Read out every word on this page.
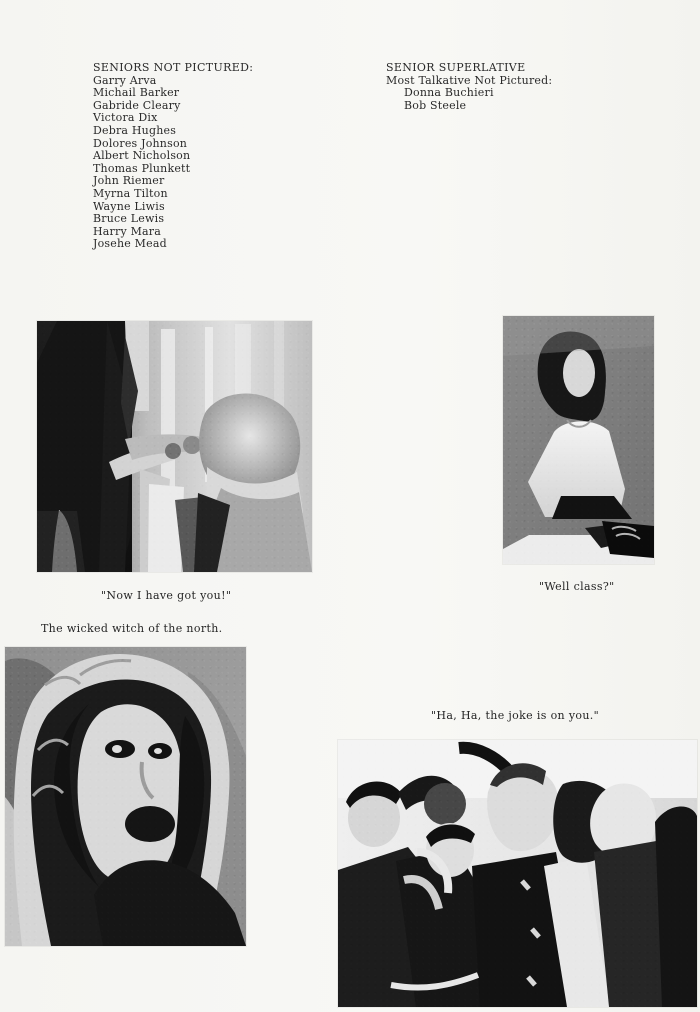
SENIORS NOT PICTURED:
Garry Arva
Michail Barker
Gabride Cleary
Victora Dix
Debra Hughes
Dolores Johnson
Albert Nicholson
Thomas Plunkett
John Riemer
Myrna Tilton
Wayne Liwis
Bruce Lewis
Harry Mara
Josehe Mead
SENIOR SUPERLATIVE
Most Talkative Not Pictured:
Donna Buchieri
Bob Steele
"Now I have got you!"
"Well class?"
The wicked witch of the north.
"Ha, Ha, the joke is on you."
